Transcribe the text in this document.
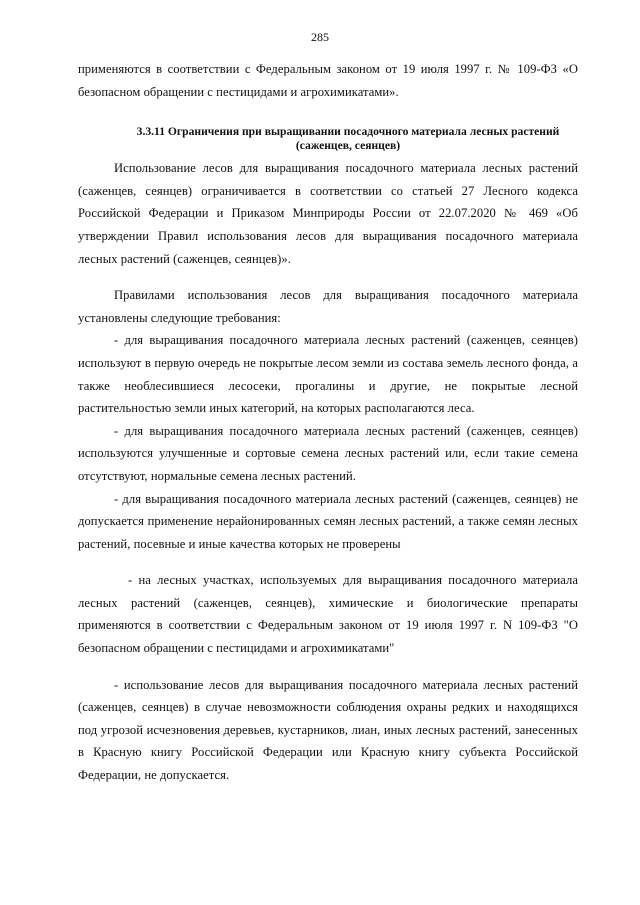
285

применяются в соответствии с Федеральным законом от 19 июля 1997 г. № 109-ФЗ «О безопасном обращении с пестицидами и агрохимикатами».

3.3.11 Ограничения при выращивании посадочного материала лесных растений
(саженцев, сеянцев)

Использование лесов для выращивания посадочного материала лесных растений (саженцев, сеянцев) ограничивается в соответствии со статьей 27 Лесного кодекса Российской Федерации и Приказом Минприроды России от 22.07.2020 № 469 «Об утверждении Правил использования лесов для выращивания посадочного материала лесных растений (саженцев, сеянцев)».

Правилами использования лесов для выращивания посадочного материала установлены следующие требования:

- для выращивания посадочного материала лесных растений (саженцев, сеянцев) используют в первую очередь не покрытые лесом земли из состава земель лесного фонда, а также необлесившиеся лесосеки, прогалины и другие, не покрытые лесной растительностью земли иных категорий, на которых располагаются леса.

- для выращивания посадочного материала лесных растений (саженцев, сеянцев) используются улучшенные и сортовые семена лесных растений или, если такие семена отсутствуют, нормальные семена лесных растений.

- для выращивания посадочного материала лесных растений (саженцев, сеянцев) не допускается применение нерайонированных семян лесных растений, а также семян лесных растений, посевные и иные качества которых не проверены

- на лесных участках, используемых для выращивания посадочного материала лесных растений (саженцев, сеянцев), химические и биологические препараты применяются в соответствии с Федеральным законом от 19 июля 1997 г. N 109-ФЗ "О безопасном обращении с пестицидами и агрохимикатами"

- использование лесов для выращивания посадочного материала лесных растений (саженцев, сеянцев) в случае невозможности соблюдения охраны редких и находящихся под угрозой исчезновения деревьев, кустарников, лиан, иных лесных растений, занесенных в Красную книгу Российской Федерации или Красную книгу субъекта Российской Федерации, не допускается.
